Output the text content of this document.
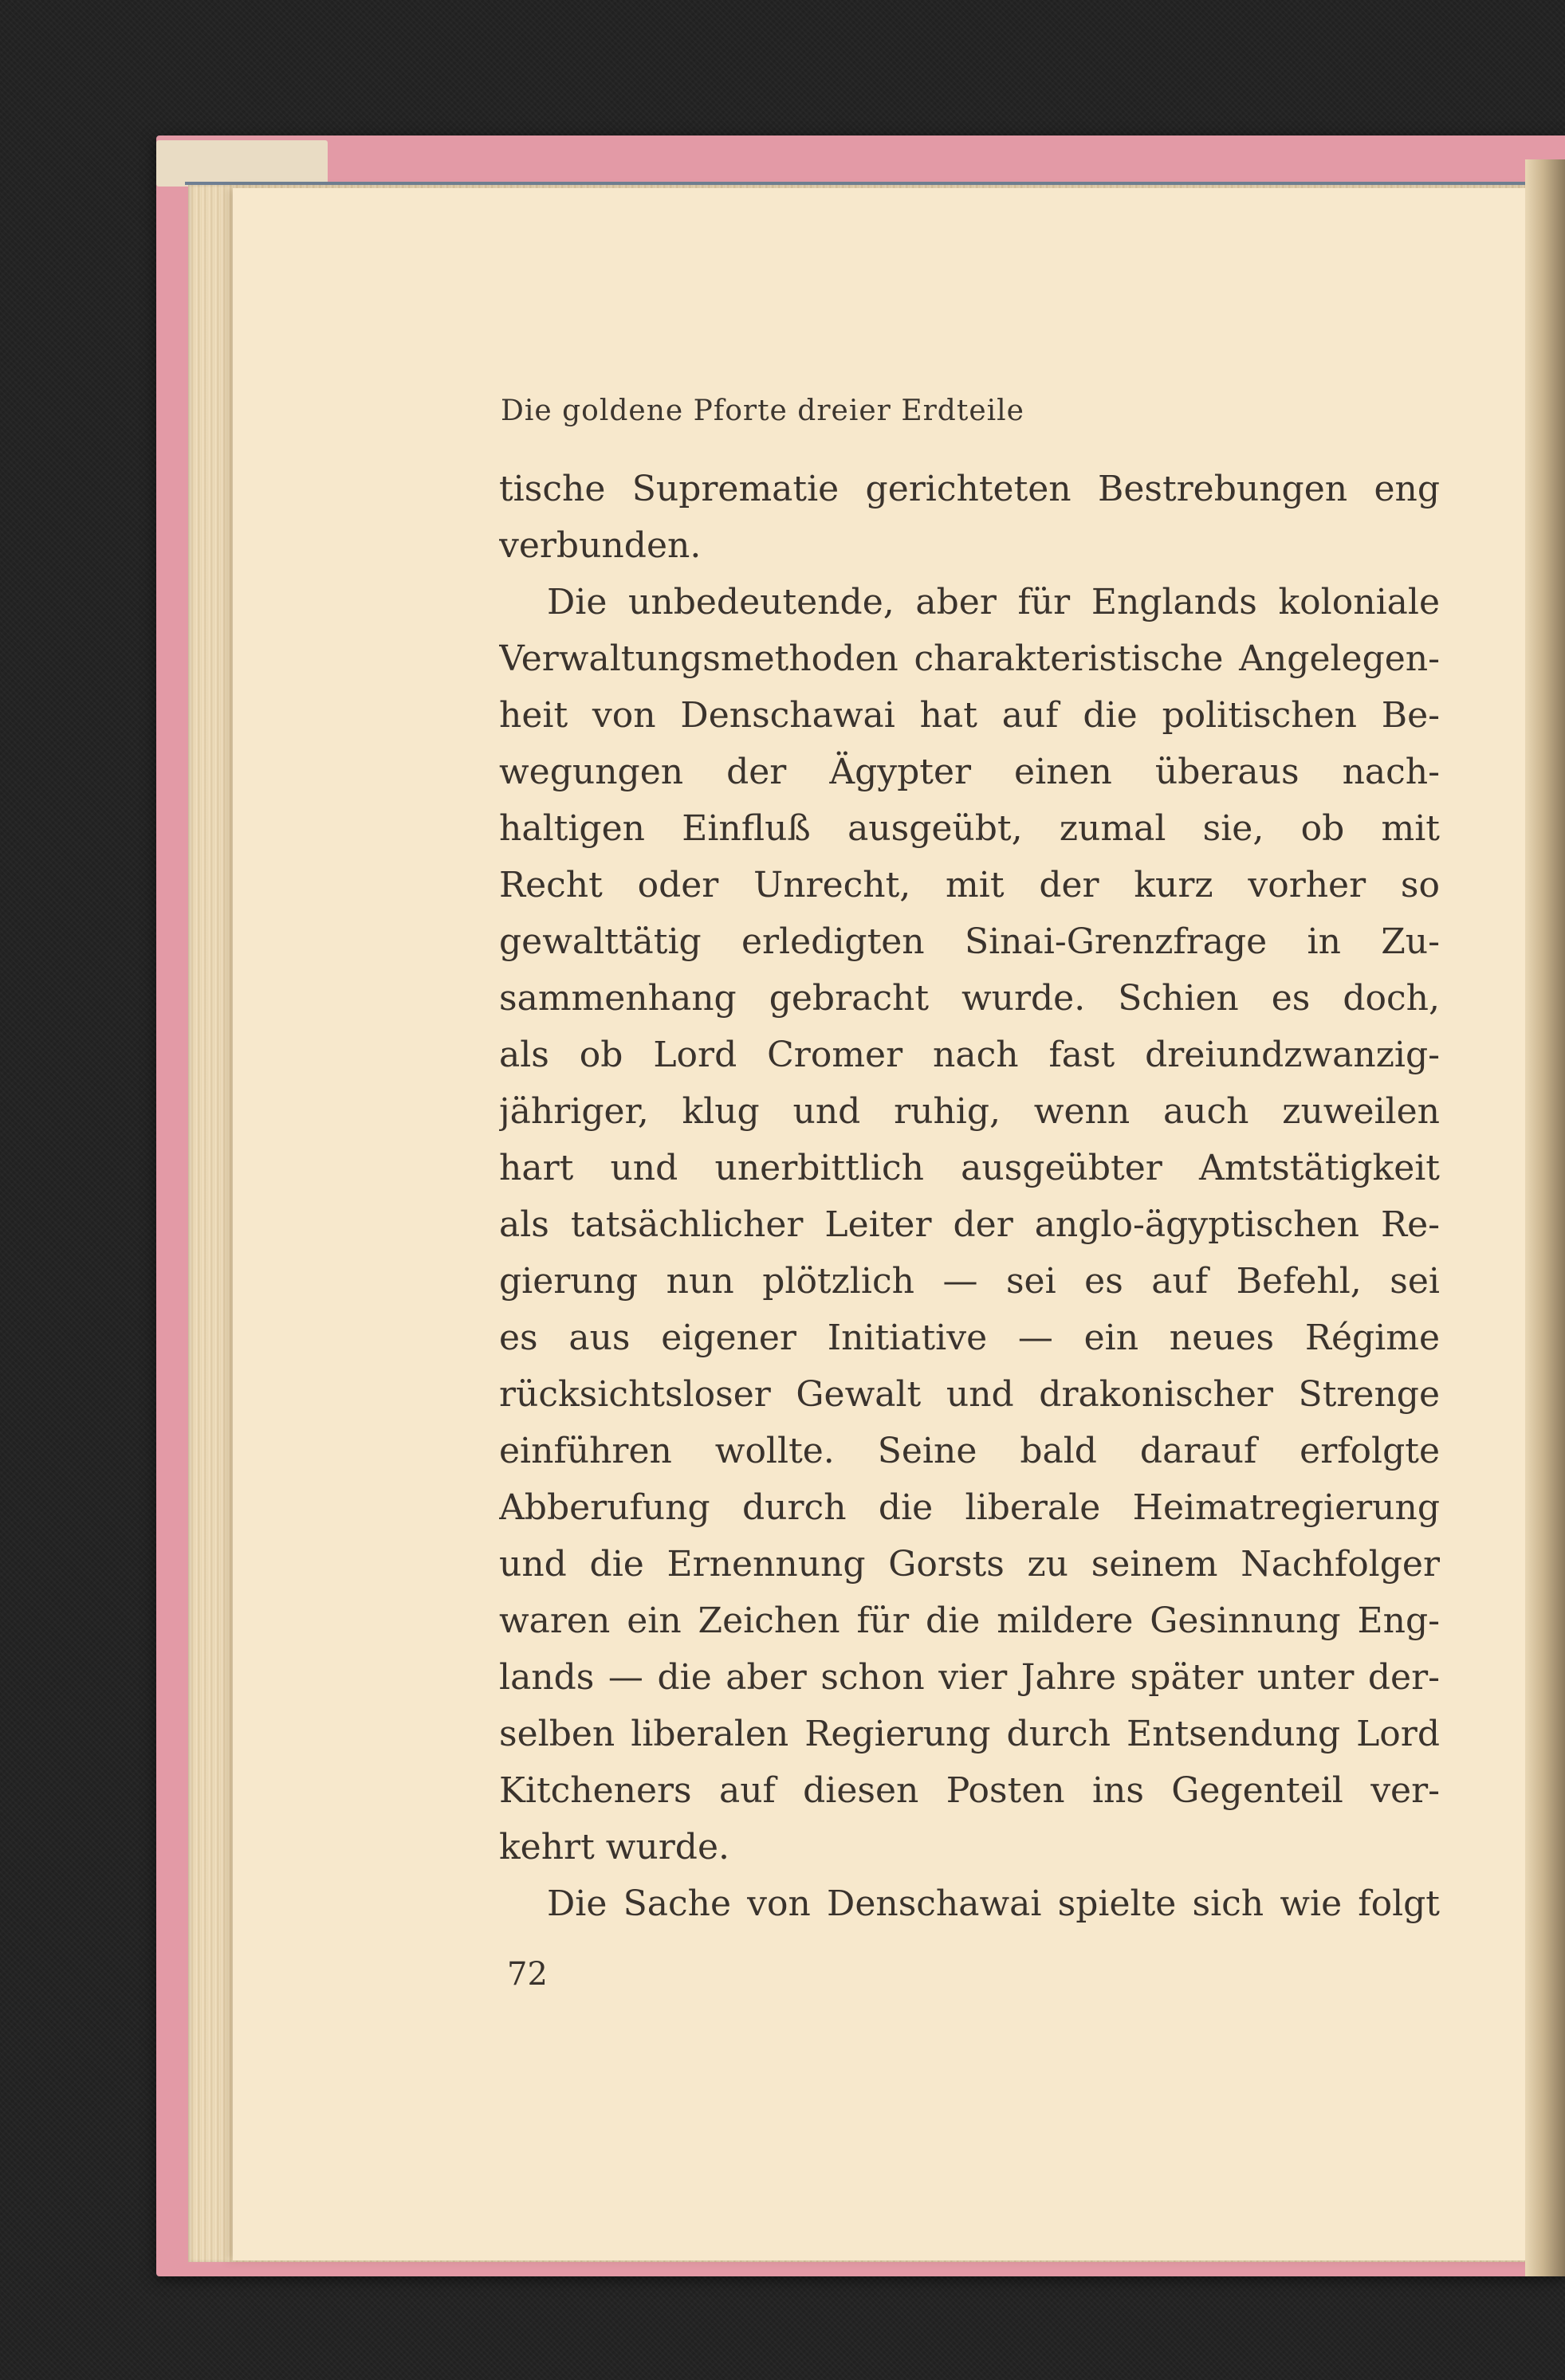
Die goldene Pforte dreier Erdteile
tische Suprematie gerichteten Bestrebungen eng
verbunden.
Die unbedeutende, aber für Englands koloniale
Verwaltungsmethoden charakteristische Angelegen-
heit von Denschawai hat auf die politischen Be-
wegungen der Ägypter einen überaus nach-
haltigen Einfluß ausgeübt, zumal sie, ob mit
Recht oder Unrecht, mit der kurz vorher so
gewalttätig erledigten Sinai-Grenzfrage in Zu-
sammenhang gebracht wurde. Schien es doch,
als ob Lord Cromer nach fast dreiundzwanzig-
jähriger, klug und ruhig, wenn auch zuweilen
hart und unerbittlich ausgeübter Amtstätigkeit
als tatsächlicher Leiter der anglo-ägyptischen Re-
gierung nun plötzlich — sei es auf Befehl, sei
es aus eigener Initiative — ein neues Régime
rücksichtsloser Gewalt und drakonischer Strenge
einführen wollte. Seine bald darauf erfolgte
Abberufung durch die liberale Heimatregierung
und die Ernennung Gorsts zu seinem Nachfolger
waren ein Zeichen für die mildere Gesinnung Eng-
lands — die aber schon vier Jahre später unter der-
selben liberalen Regierung durch Entsendung Lord
Kitcheners auf diesen Posten ins Gegenteil ver-
kehrt wurde.
Die Sache von Denschawai spielte sich wie folgt
72
